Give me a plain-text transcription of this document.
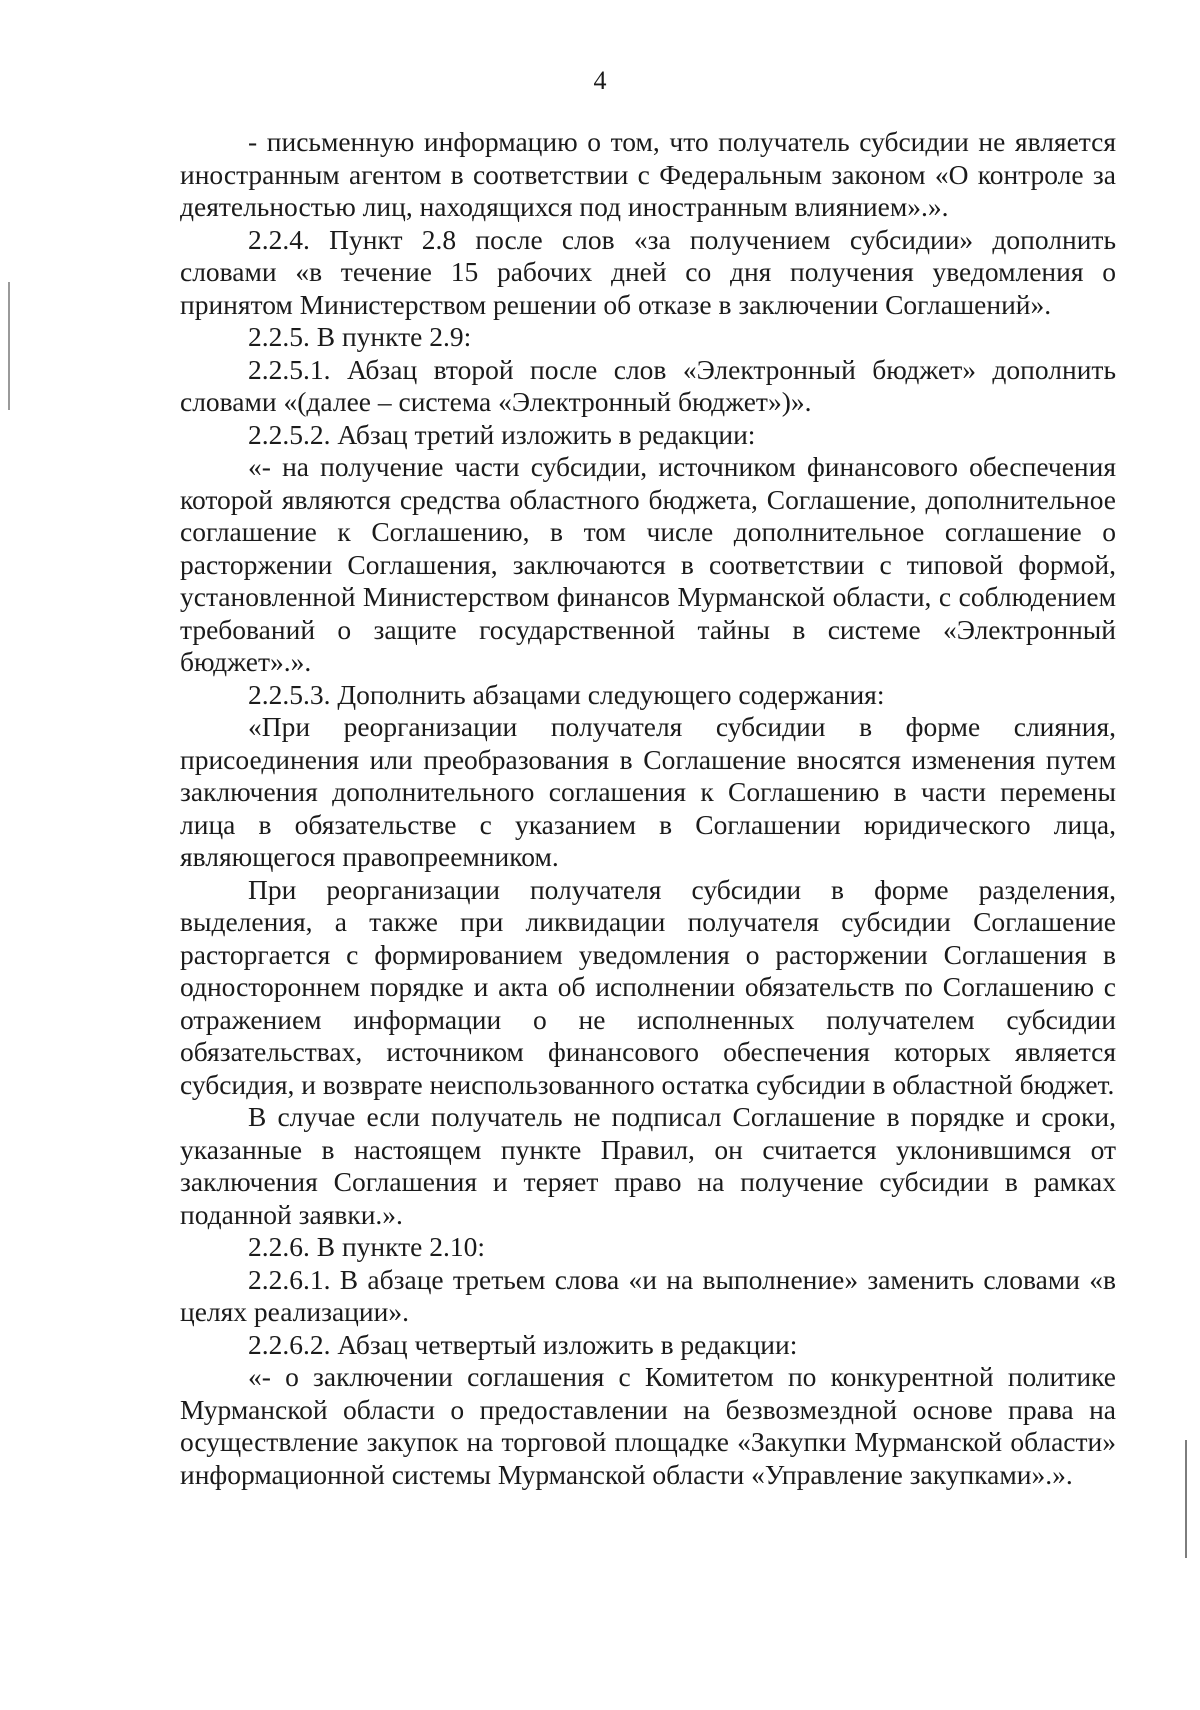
4

- письменную информацию о том, что получатель субсидии не является иностранным агентом в соответствии с Федеральным законом «О контроле за деятельностью лиц, находящихся под иностранным влиянием».».

2.2.4. Пункт 2.8 после слов «за получением субсидии» дополнить словами «в течение 15 рабочих дней со дня получения уведомления о принятом Министерством решении об отказе в заключении Соглашений».

2.2.5. В пункте 2.9:

2.2.5.1. Абзац второй после слов «Электронный бюджет» дополнить словами «(далее – система «Электронный бюджет»)».

2.2.5.2. Абзац третий изложить в редакции:

«- на получение части субсидии, источником финансового обеспечения которой являются средства областного бюджета, Соглашение, дополнительное соглашение к Соглашению, в том числе дополнительное соглашение о расторжении Соглашения, заключаются в соответствии с типовой формой, установленной Министерством финансов Мурманской области, с соблюдением требований о защите государственной тайны в системе «Электронный бюджет».».

2.2.5.3. Дополнить абзацами следующего содержания:

«При реорганизации получателя субсидии в форме слияния, присоединения или преобразования в Соглашение вносятся изменения путем заключения дополнительного соглашения к Соглашению в части перемены лица в обязательстве с указанием в Соглашении юридического лица, являющегося правопреемником.

При реорганизации получателя субсидии в форме разделения, выделения, а также при ликвидации получателя субсидии Соглашение расторгается с формированием уведомления о расторжении Соглашения в одностороннем порядке и акта об исполнении обязательств по Соглашению с отражением информации о не исполненных получателем субсидии обязательствах, источником финансового обеспечения которых является субсидия, и возврате неиспользованного остатка субсидии в областной бюджет.

В случае если получатель не подписал Соглашение в порядке и сроки, указанные в настоящем пункте Правил, он считается уклонившимся от заключения Соглашения и теряет право на получение субсидии в рамках поданной заявки.».

2.2.6. В пункте 2.10:

2.2.6.1. В абзаце третьем слова «и на выполнение» заменить словами «в целях реализации».

2.2.6.2. Абзац четвертый изложить в редакции:

«- о заключении соглашения с Комитетом по конкурентной политике Мурманской области о предоставлении на безвозмездной основе права на осуществление закупок на торговой площадке «Закупки Мурманской области» информационной системы Мурманской области «Управление закупками».».
